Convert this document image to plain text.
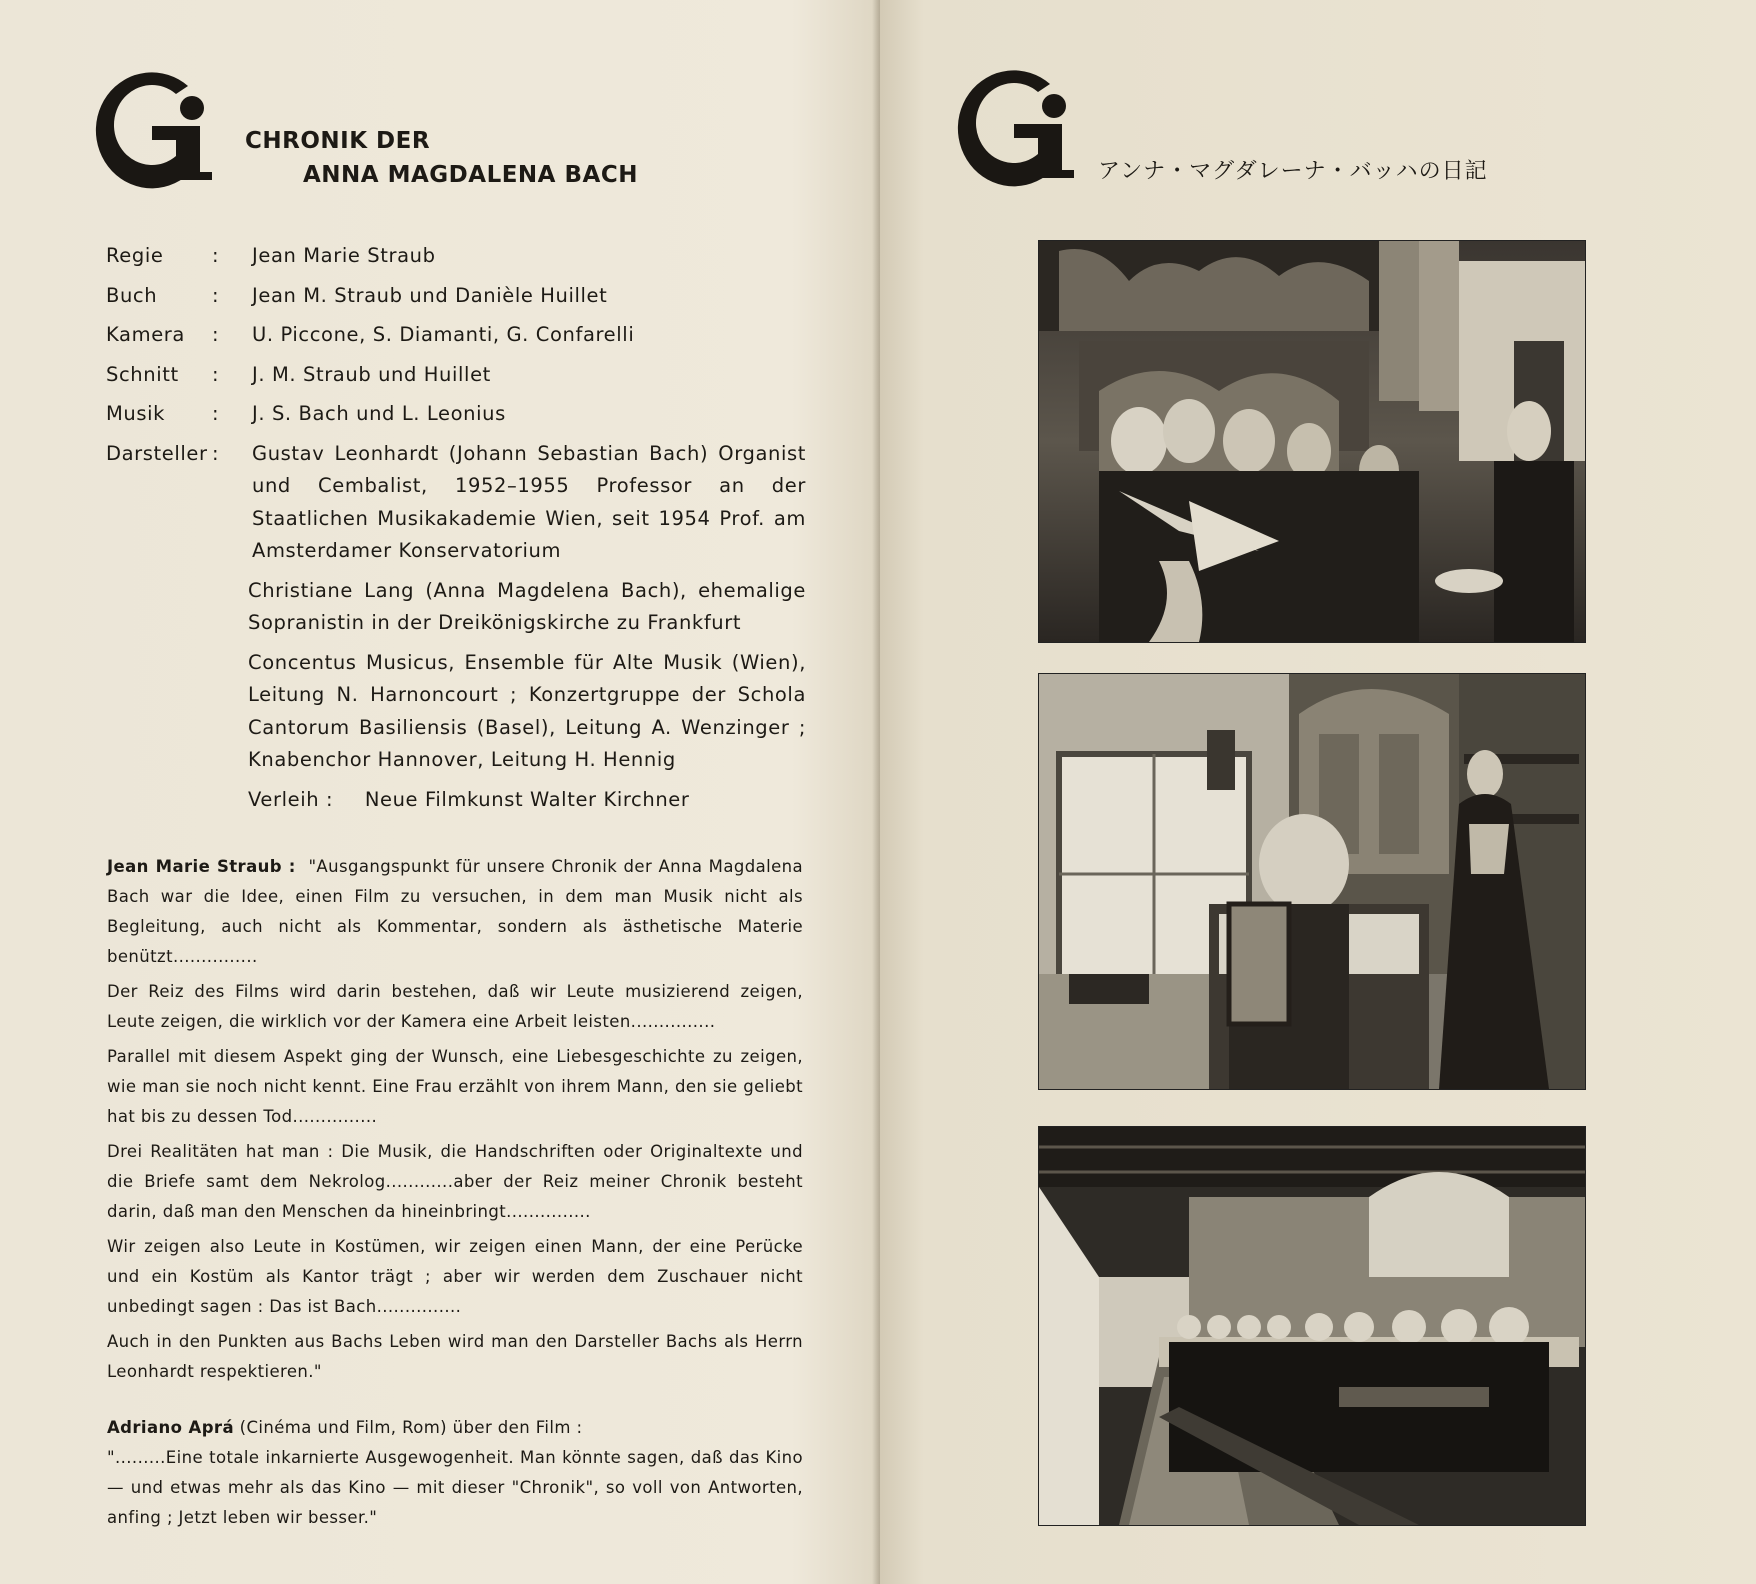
CHRONIK DER
ANNA MAGDALENA BACH
Regie	:	Jean Marie Straub
Buch	:	Jean M. Straub und Danièle Huillet
Kamera	:	U. Piccone, S. Diamanti, G. Confarelli
Schnitt	:	J. M. Straub und Huillet
Musik	:	J. S. Bach und L. Leonius
Darsteller :	Gustav Leonhardt (Johann Sebastian Bach) Organist und Cembalist, 1952–1955 Professor an der Staatlichen Musikakademie Wien, seit 1954 Prof. am Amsterdamer Konservatorium
Christiane Lang (Anna Magdelena Bach), ehemalige Sopranistin in der Dreikönigskirche zu Frankfurt
Concentus Musicus, Ensemble für Alte Musik (Wien), Leitung N. Harnoncourt ; Konzertgruppe der Schola Cantorum Basiliensis (Basel), Leitung A. Wenzinger ; Knabenchor Hannover, Leitung H. Hennig
Verleih : Neue Filmkunst Walter Kirchner

Jean Marie Straub : "Ausgangspunkt für unsere Chronik der Anna Magdalena Bach war die Idee, einen Film zu versuchen, in dem man Musik nicht als Begleitung, auch nicht als Kommentar, sondern als ästhetische Materie benützt...............

Der Reiz des Films wird darin bestehen, daß wir Leute musizierend zeigen, Leute zeigen, die wirklich vor der Kamera eine Arbeit leisten...............

Parallel mit diesem Aspekt ging der Wunsch, eine Liebesgeschichte zu zeigen, wie man sie noch nicht kennt. Eine Frau erzählt von ihrem Mann, den sie geliebt hat bis zu dessen Tod...............

Drei Realitäten hat man : Die Musik, die Handschriften oder Originaltexte und die Briefe samt dem Nekrolog............aber der Reiz meiner Chronik besteht darin, daß man den Menschen da hineinbringt...............

Wir zeigen also Leute in Kostümen, wir zeigen einen Mann, der eine Perücke und ein Kostüm als Kantor trägt ; aber wir werden dem Zuschauer nicht unbedingt sagen : Das ist Bach...............

Auch in den Punkten aus Bachs Leben wird man den Darsteller Bachs als Herrn Leonhardt respektieren."

Adriano Aprá (Cinéma und Film, Rom) über den Film :

".........Eine totale inkarnierte Ausgewogenheit. Man könnte sagen, daß das Kino — und etwas mehr als das Kino — mit dieser "Chronik", so voll von Antworten, anfing ; Jetzt leben wir besser."

アンナ・マグダレーナ・バッハの日記
